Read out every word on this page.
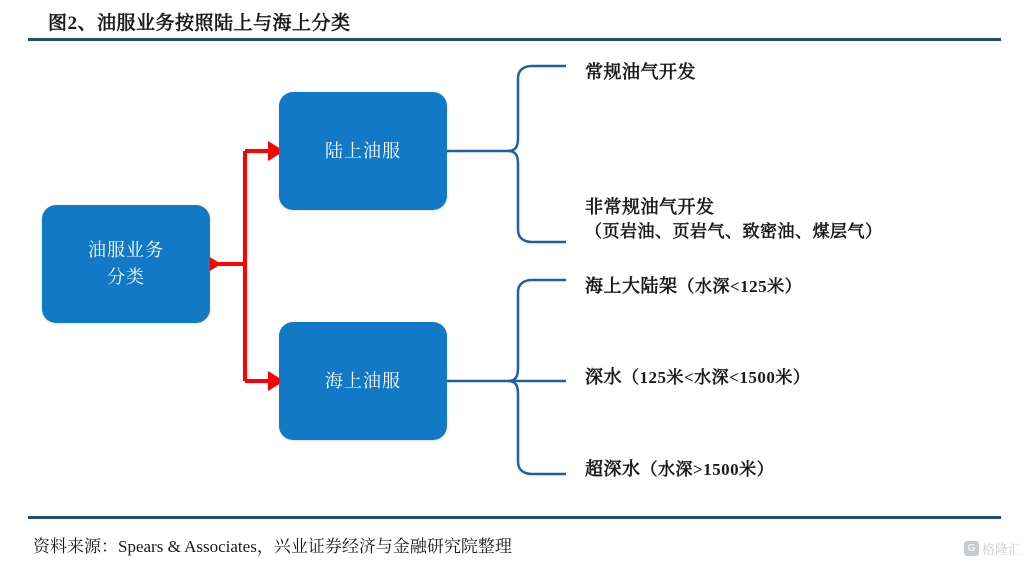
图2、油服业务按照陆上与海上分类
油服业务
分类
陆上油服
海上油服
常规油气开发
非常规油气开发
（页岩油、页岩气、致密油、煤层气）
海上大陆架（水深<125米）
深水（125米<水深<1500米）
超深水（水深>1500米）
资料来源：Spears & Associates，兴业证券经济与金融研究院整理	G 格隆汇
